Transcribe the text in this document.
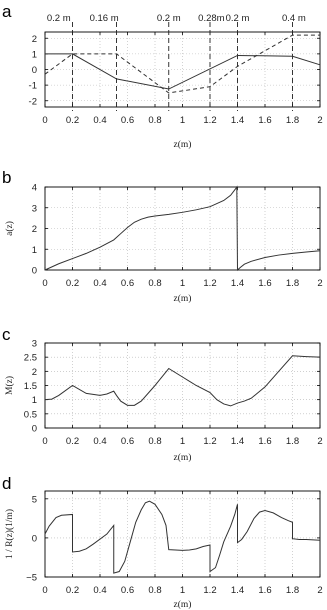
a
0 0.2 0.4 0.6 0.8 1 1.2 1.4 1.6 1.8 2
-2
-1
0
1
2
z(m)
0.2 m 0.16 m	0.2 m 0.28m 0.2 m	0.4 m
b
0 0.2 0.4 0.6 0.8 1 1.2 1.4 1.6 1.8 2
0
1
2
3
4
z(m)
a(z)
c
0 0.2 0.4 0.6 0.8 1 1.2 1.4 1.6 1.8 2
0
0.5
1
1.5
2
2.5
3
z(m)
M(z)
d
0 0.2 0.4 0.6 0.8 1 1.2 1.4 1.6 1.8 2
−5
0
5
z(m)
1 / R(z)(1/m)
